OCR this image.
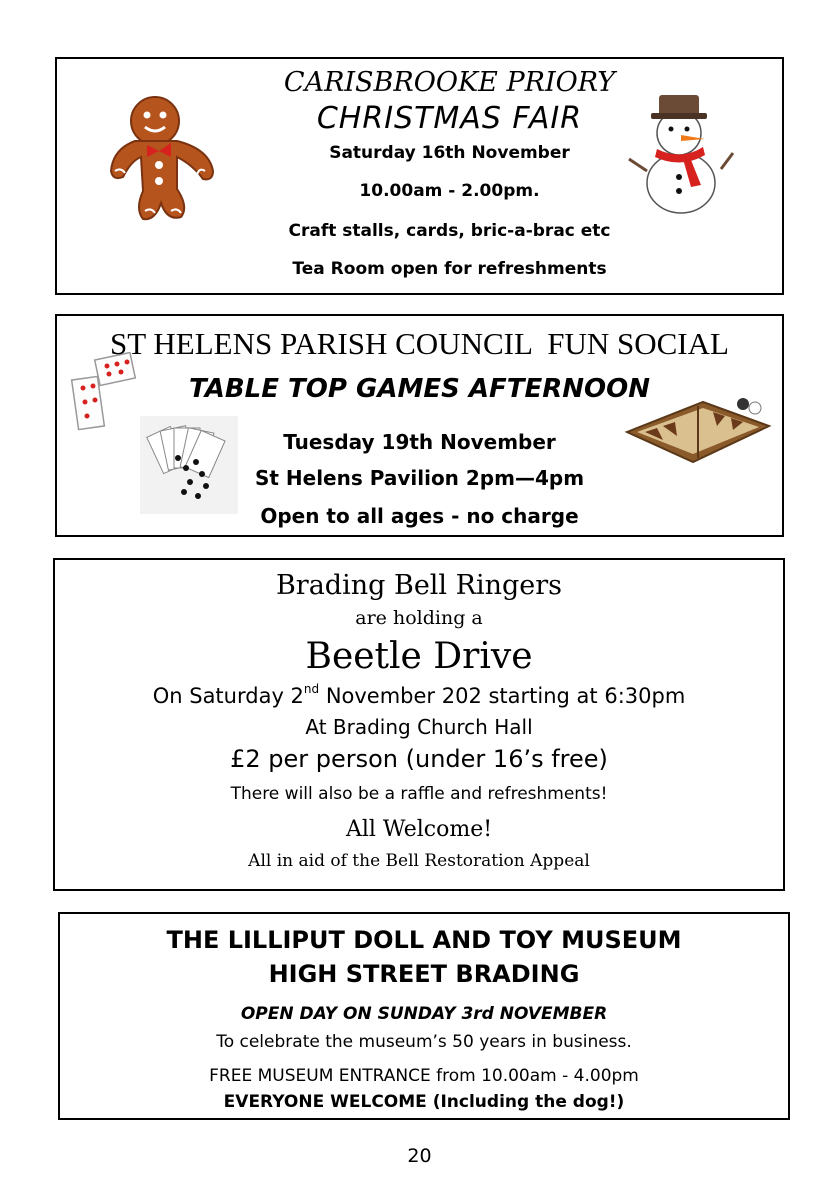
CARISBROOKE PRIORY
CHRISTMAS FAIR
Saturday 16th November
10.00am - 2.00pm.
Craft stalls, cards, bric-a-brac etc
Tea Room open for refreshments
ST HELENS PARISH COUNCIL  FUN SOCIAL
TABLE TOP GAMES AFTERNOON
Tuesday 19th November
St Helens Pavilion 2pm—4pm
Open to all ages - no charge
Brading Bell Ringers
are holding a
Beetle Drive
On Saturday 2nd November 202 starting at 6:30pm
At Brading Church Hall
£2 per person (under 16’s free)
There will also be a raffle and refreshments!
All Welcome!
All in aid of the Bell Restoration Appeal
THE LILLIPUT DOLL AND TOY MUSEUM
HIGH STREET BRADING
OPEN DAY ON SUNDAY 3rd NOVEMBER
To celebrate the museum’s 50 years in business.
FREE MUSEUM ENTRANCE from 10.00am - 4.00pm
EVERYONE WELCOME (Including the dog!)
20
